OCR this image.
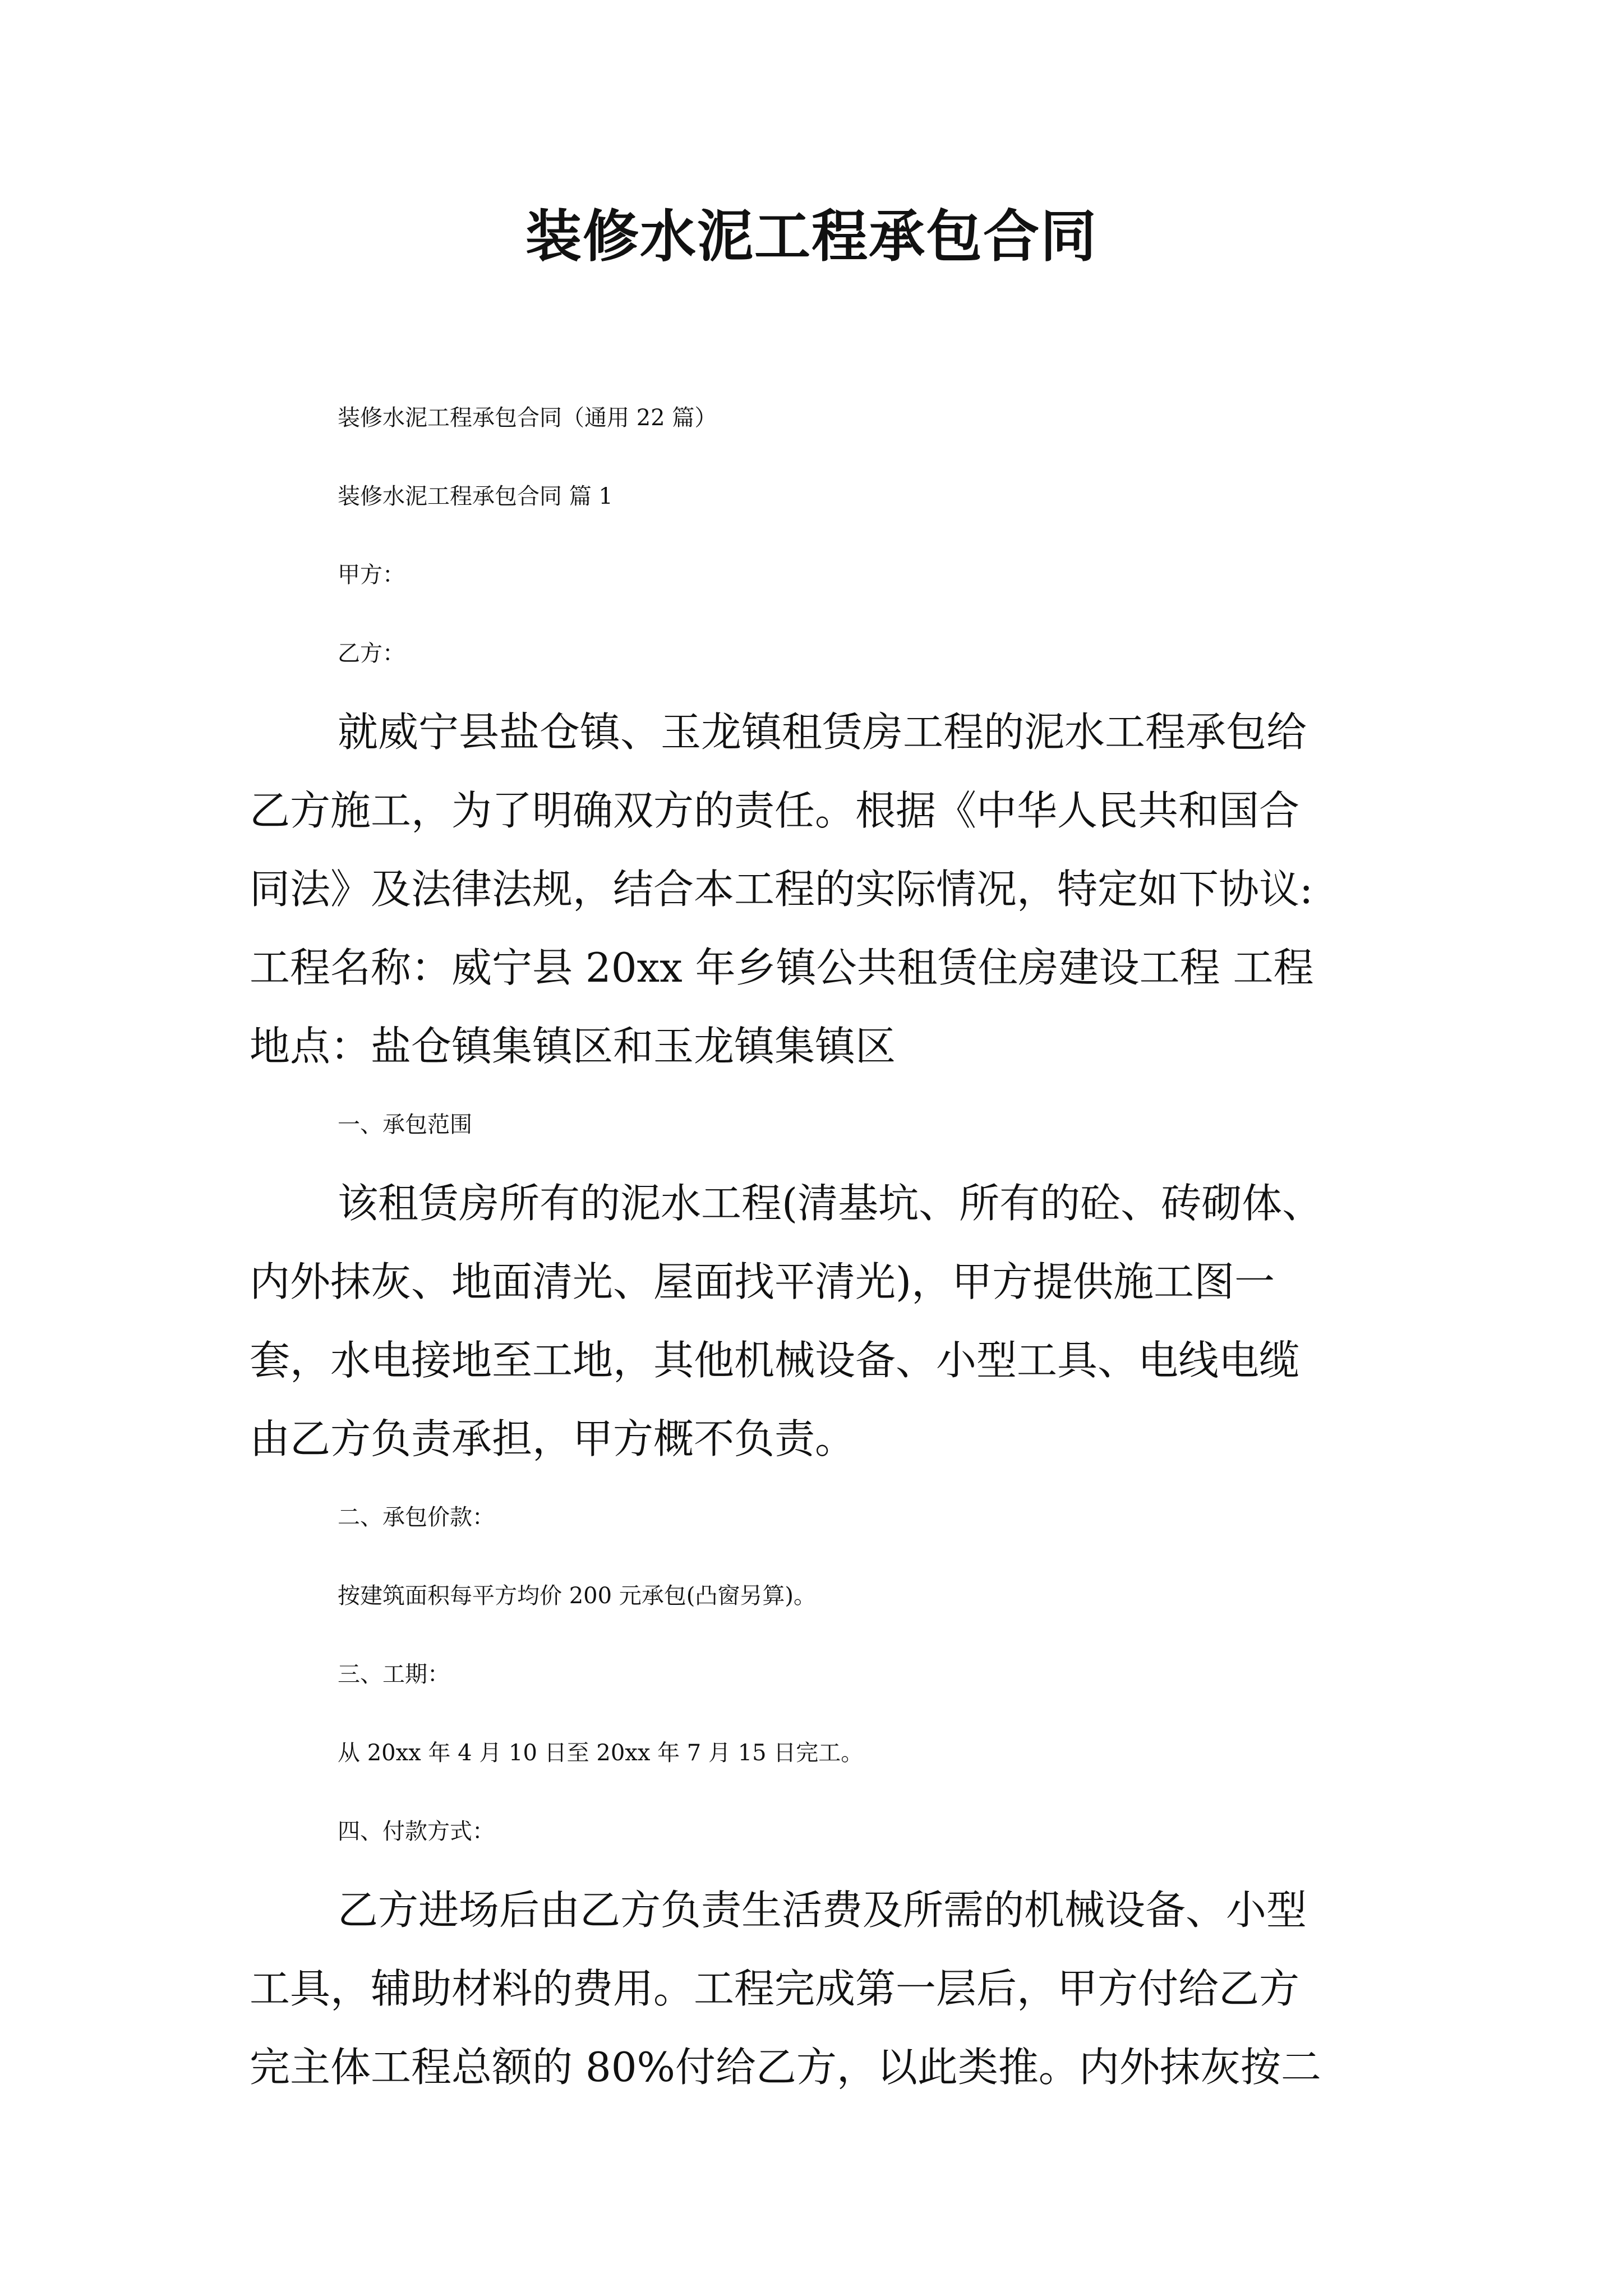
装修水泥工程承包合同

装修水泥工程承包合同（通用 22 篇）

装修水泥工程承包合同 篇 1

甲方：

乙方：

就威宁县盐仓镇、玉龙镇租赁房工程的泥水工程承包给
乙方施工，为了明确双方的责任。根据《中华人民共和国合
同法》及法律法规，结合本工程的实际情况，特定如下协议:
工程名称：威宁县 20xx 年乡镇公共租赁住房建设工程 工程
地点：盐仓镇集镇区和玉龙镇集镇区

一、承包范围

该租赁房所有的泥水工程(清基坑、所有的砼、砖砌体、
内外抹灰、地面清光、屋面找平清光)，甲方提供施工图一
套，水电接地至工地，其他机械设备、小型工具、电线电缆
由乙方负责承担，甲方概不负责。

二、承包价款：

按建筑面积每平方均价 200 元承包(凸窗另算)。

三、工期：

从 20xx 年 4 月 10 日至 20xx 年 7 月 15 日完工。

四、付款方式：

乙方进场后由乙方负责生活费及所需的机械设备、小型
工具，辅助材料的费用。工程完成第一层后，甲方付给乙方
完主体工程总额的 80%付给乙方，以此类推。内外抹灰按二
